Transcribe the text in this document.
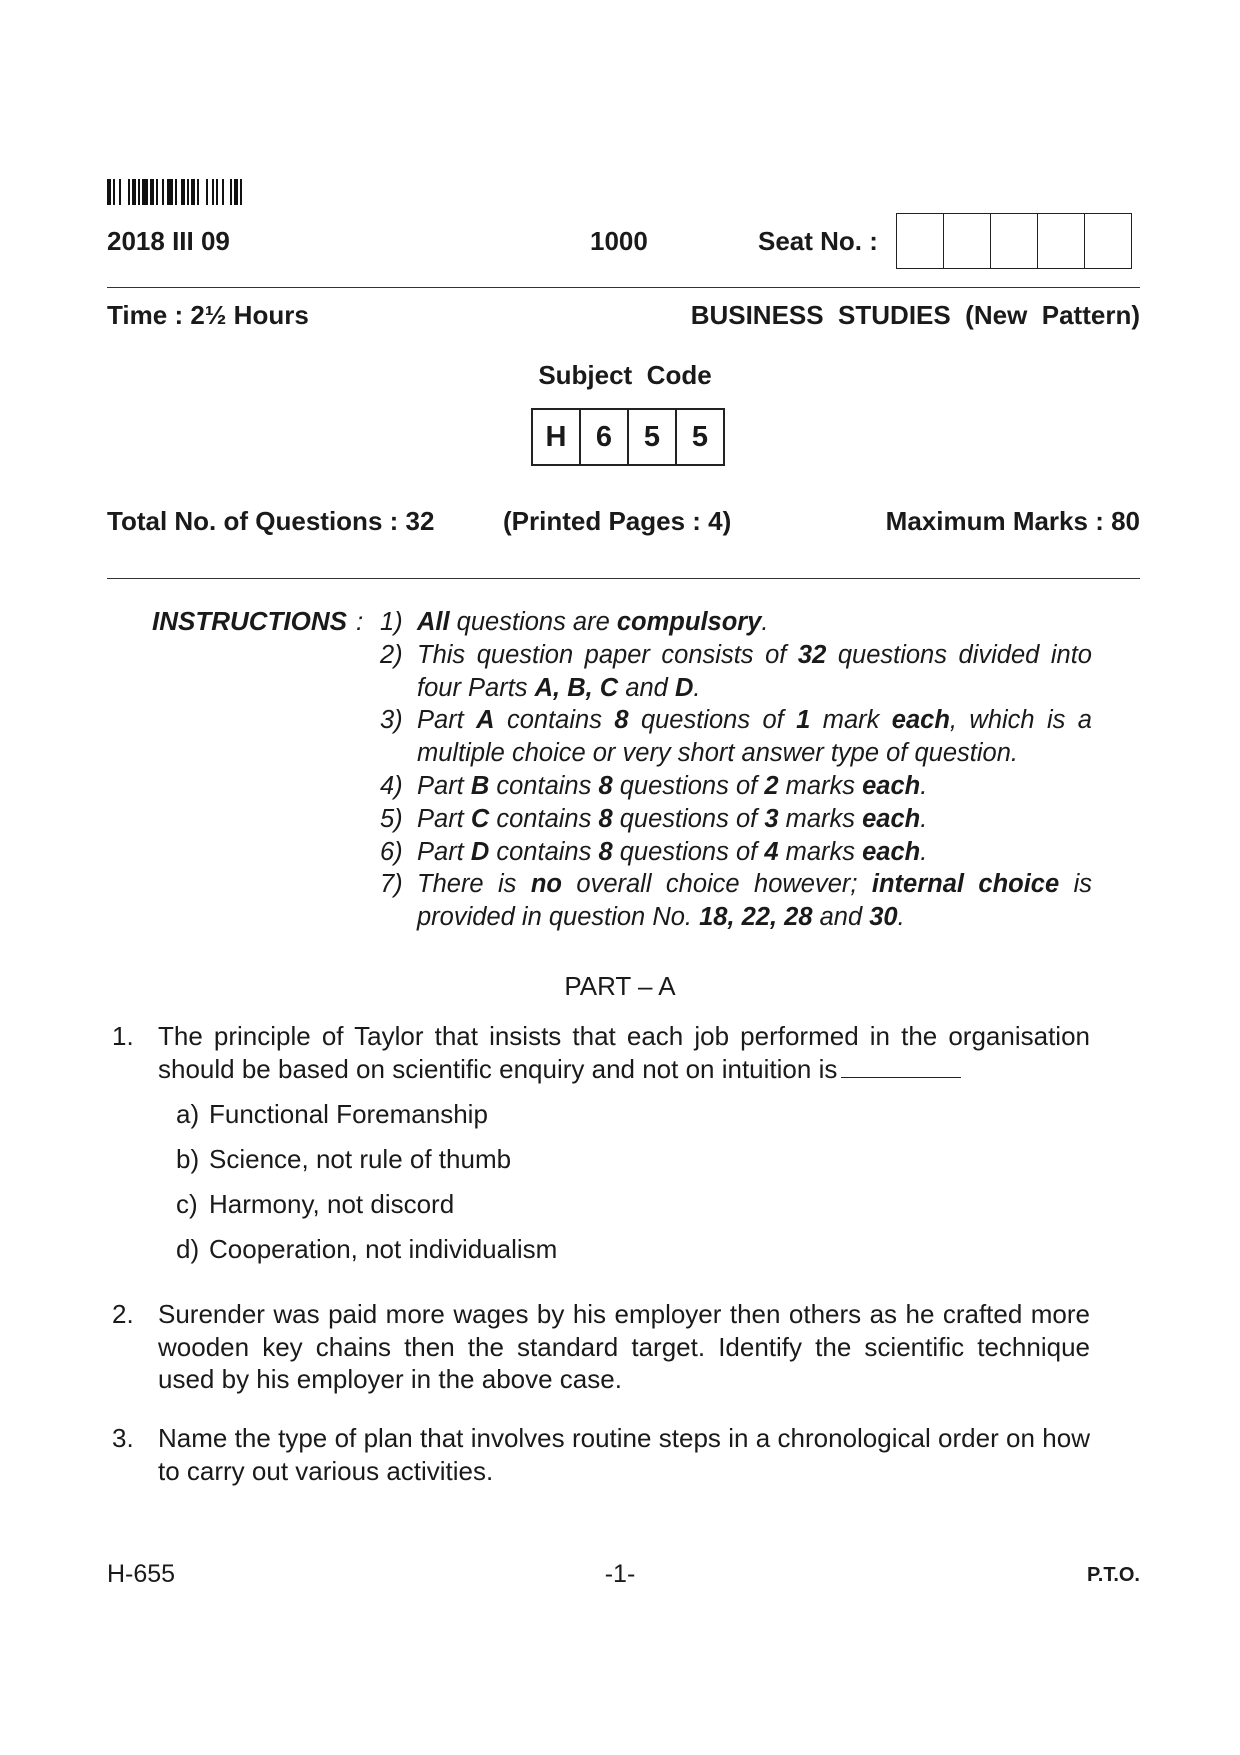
2018 III 09	1000	Seat No. :
Time : 2½ Hours	BUSINESS  STUDIES  (New  Pattern)
Subject  Code
H	6	5	5
Total No. of Questions : 32	(Printed Pages : 4)	Maximum Marks : 80
INSTRUCTIONS : 1) All questions are compulsory.
2) This question paper consists of 32 questions divided into four Parts A, B, C and D.
3) Part A contains 8 questions of 1 mark each, which is a multiple choice or very short answer type of question.
4) Part B contains 8 questions of 2 marks each.
5) Part C contains 8 questions of 3 marks each.
6) Part D contains 8 questions of 4 marks each.
7) There is no overall choice however; internal choice is provided in question No. 18, 22, 28 and 30.
PART – A
1. The principle of Taylor that insists that each job performed in the organisation should be based on scientific enquiry and not on intuition is
a) Functional Foremanship
b) Science, not rule of thumb
c) Harmony, not discord
d) Cooperation, not individualism
2. Surender was paid more wages by his employer then others as he crafted more wooden key chains then the standard target. Identify the scientific technique used by his employer in the above case.
3. Name the type of plan that involves routine steps in a chronological order on how to carry out various activities.
H-655	-1-	P.T.O.
